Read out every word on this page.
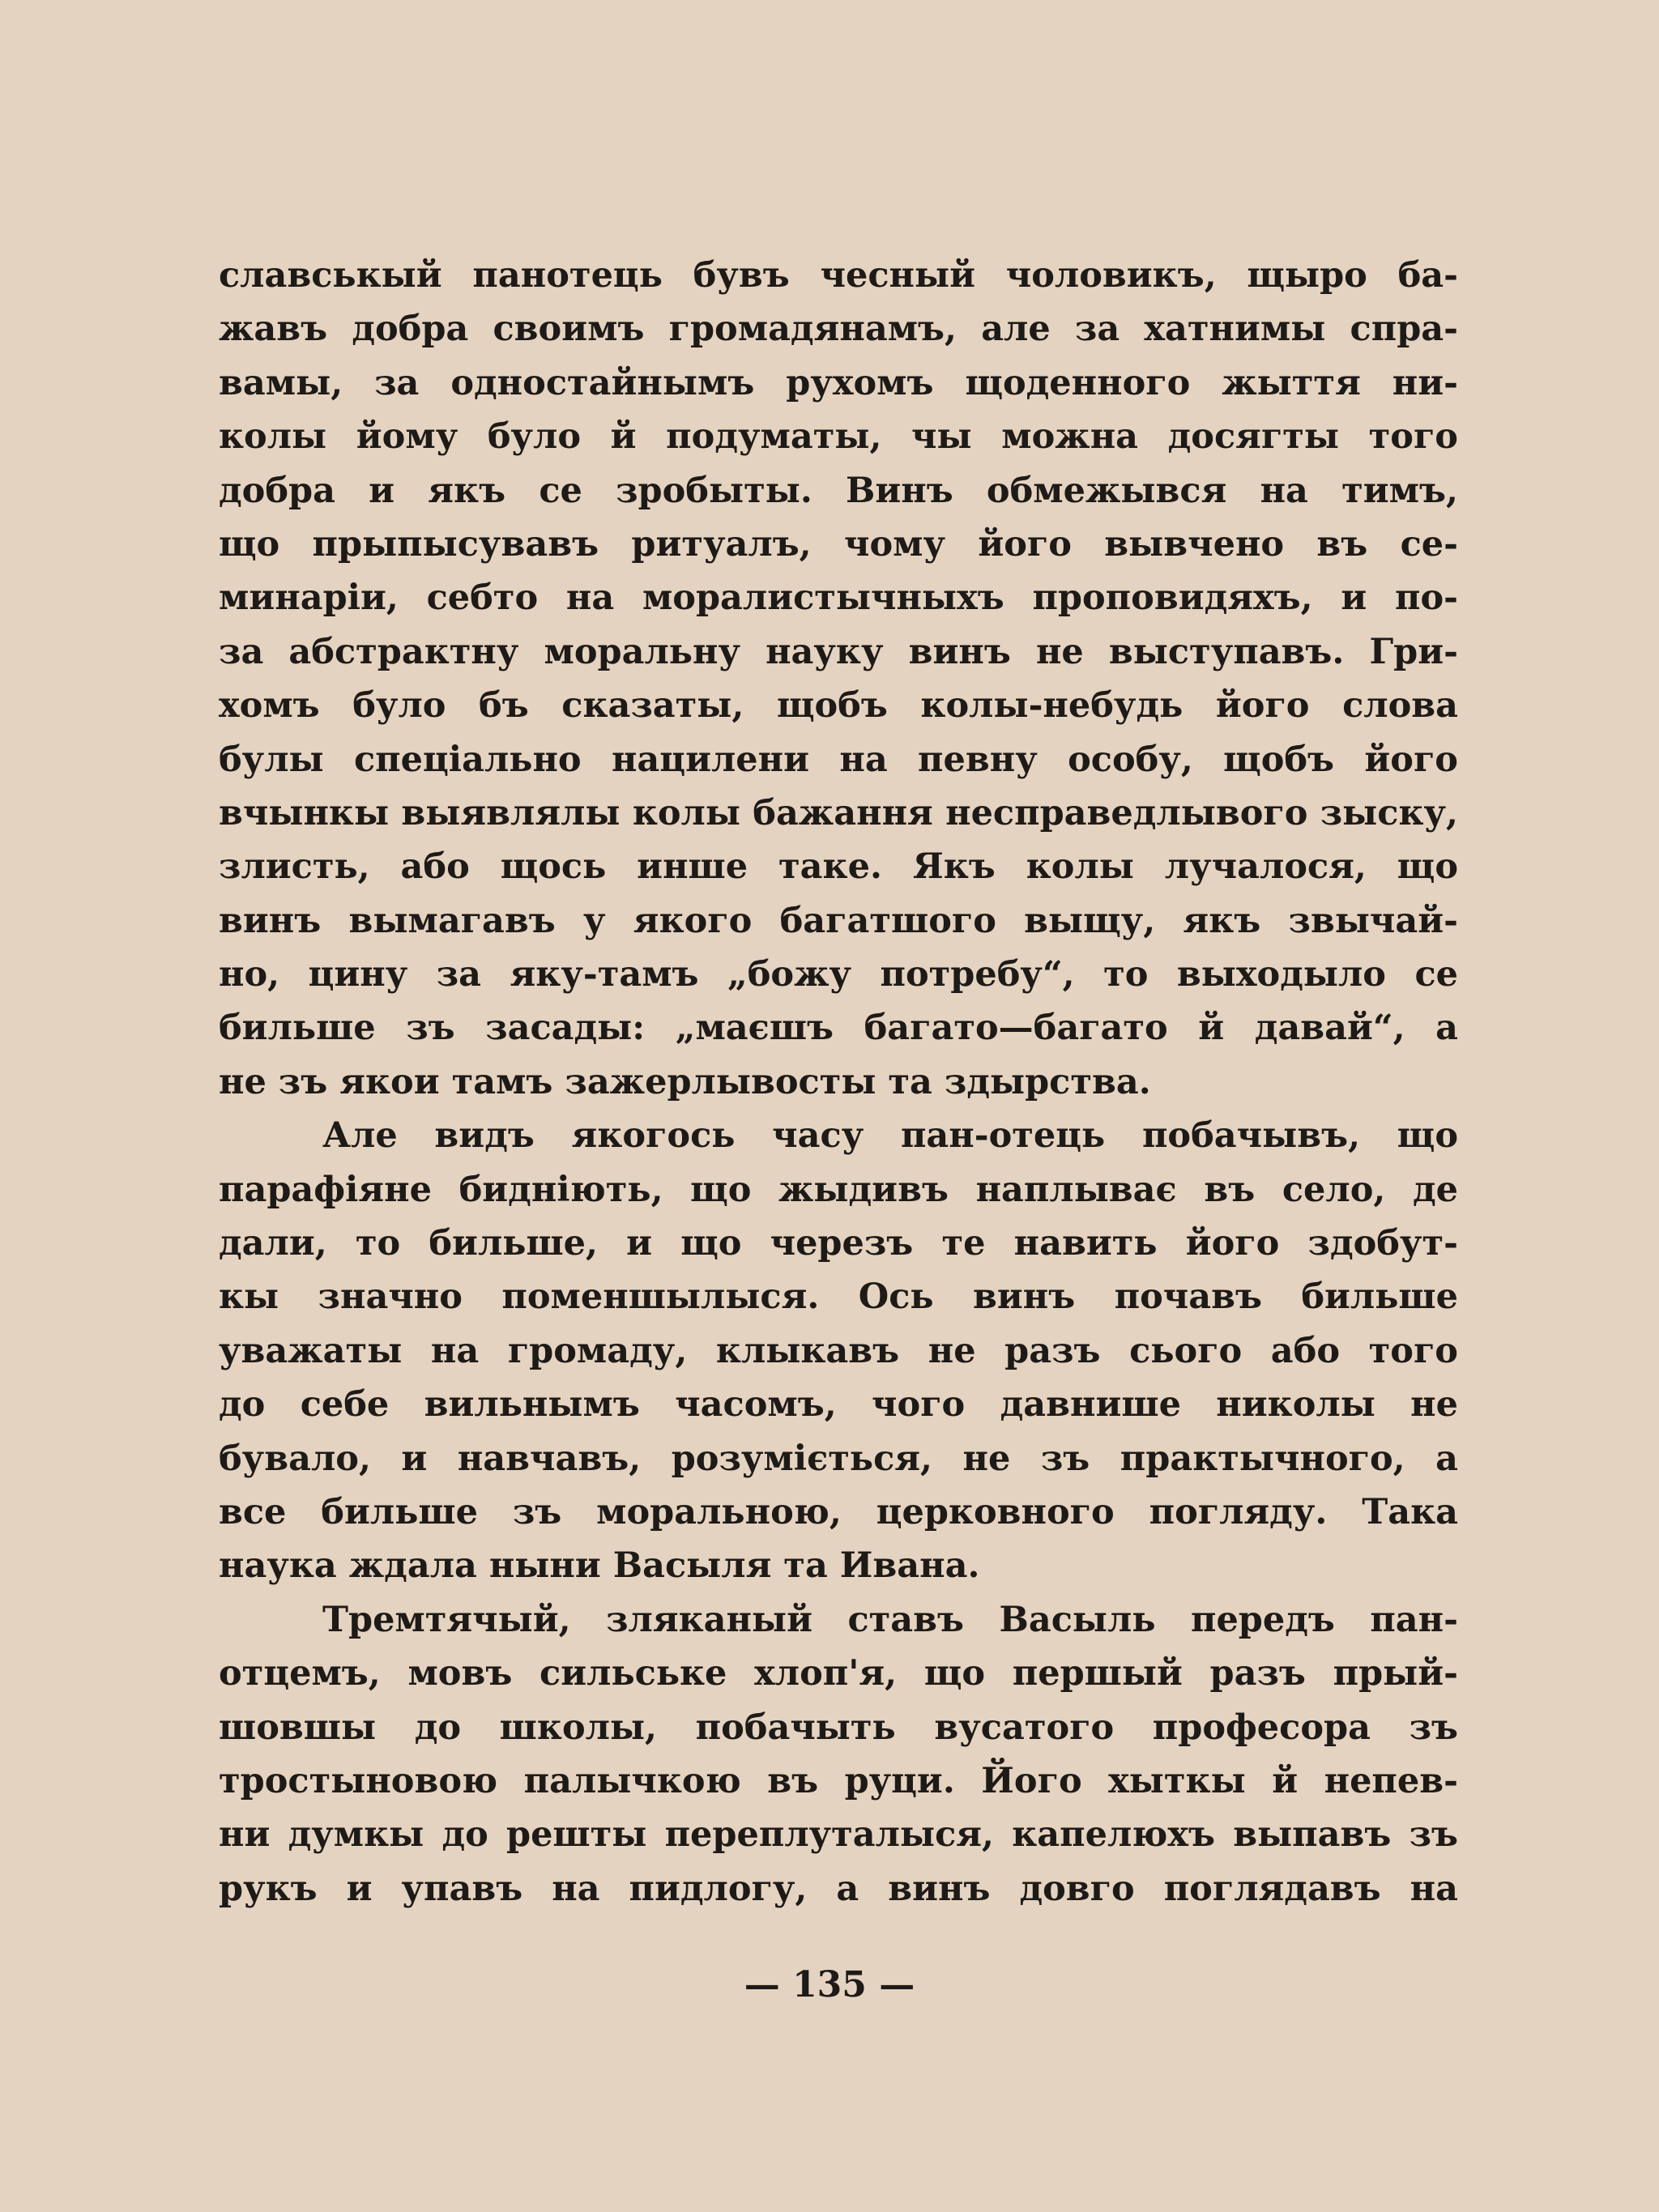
славськый панотець бувъ чесный чоловикъ, щыро ба-
жавъ добра своимъ громадянамъ, але за хатнимы спра-
вамы, за одностайнымъ рухомъ щоденного жыття ни-
колы йому було й подуматы, чы можна досягты того
добра и якъ се зробыты. Винъ обмежывся на тимъ,
що прыпысувавъ ритуалъ, чому його вывчено въ се-
минаріи, себто на моралистычныхъ проповидяхъ, и по-
за абстрактну моральну науку винъ не выступавъ. Гри-
хомъ було бъ сказаты, щобъ колы-небудь його слова
булы спеціально нацилени на певну особу, щобъ його
вчынкы выявлялы колы бажання несправедлывого зыску,
злисть, або щось инше таке. Якъ колы лучалося, що
винъ вымагавъ у якого багатшого выщу, якъ звычай-
но, цину за яку-тамъ „божу потребу“, то выходыло се
бильше зъ засады: „маєшъ багато—багато й давай“, а
не зъ якои тамъ зажерлывосты та здырства.
Але видъ якогось часу пан-отець побачывъ, що
парафіяне биднiють, що жыдивъ наплыває въ село, де
дали, то бильше, и що черезъ те навить його здобут-
кы значно поменшылыся. Ось винъ почавъ бильше
уважаты на громаду, клыкавъ не разъ сього або того
до себе вильнымъ часомъ, чого давнише николы не
бувало, и навчавъ, розумiється, не зъ практычного, а
все бильше зъ моральною, церковного погляду. Така
наука ждала ныни Васыля та Ивана.
Тремтячый, зляканый ставъ Васыль передъ пан-
отцемъ, мовъ сильське хлоп'я, що першый разъ прый-
шовшы до школы, побачыть вусатого професора зъ
тростыновою палычкою въ руци. Його хыткы й непев-
ни думкы до решты переплуталыся, капелюхъ выпавъ зъ
рукъ и упавъ на пидлогу, а винъ довго поглядавъ на
— 135 —
